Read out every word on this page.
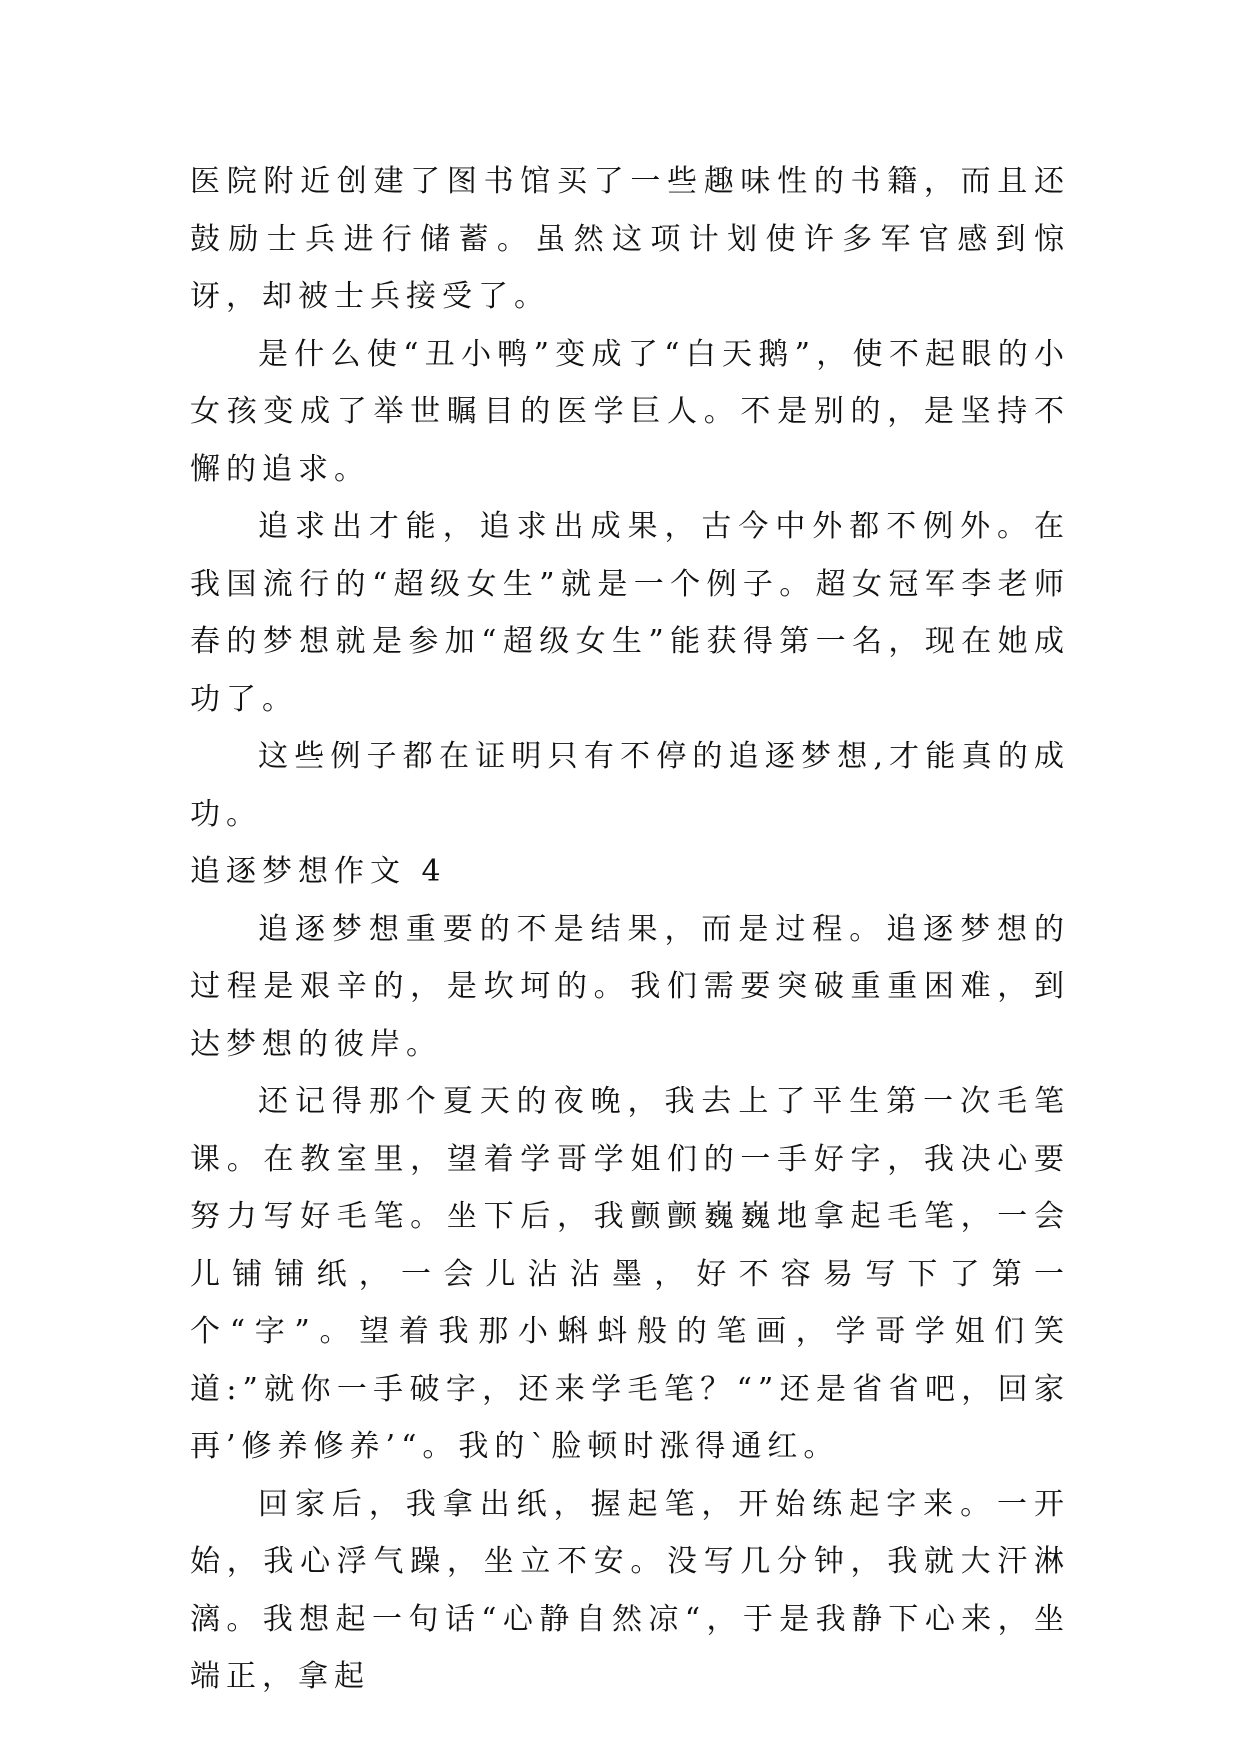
医院附近创建了图书馆买了一些趣味性的书籍，而且还鼓励士兵进行储蓄。虽然这项计划使许多军官感到惊讶，却被士兵接受了。

是什么使“丑小鸭”变成了“白天鹅”，使不起眼的小女孩变成了举世瞩目的医学巨人。不是别的，是坚持不懈的追求。

追求出才能，追求出成果，古今中外都不例外。在我国流行的“超级女生”就是一个例子。超女冠军李老师春的梦想就是参加“超级女生”能获得第一名，现在她成功了。

这些例子都在证明只有不停的追逐梦想,才能真的成功。

追逐梦想作文 4

追逐梦想重要的不是结果，而是过程。追逐梦想的过程是艰辛的，是坎坷的。我们需要突破重重困难，到达梦想的彼岸。

还记得那个夏天的夜晚，我去上了平生第一次毛笔课。在教室里，望着学哥学姐们的一手好字，我决心要努力写好毛笔。坐下后，我颤颤巍巍地拿起毛笔，一会儿铺铺纸，一会儿沾沾墨，好不容易写下了第一个“字”。望着我那小蝌蚪般的笔画，学哥学姐们笑道:”就你一手破字，还来学毛笔？“”还是省省吧，回家再’修养修养’“。我的`脸顿时涨得通红。

回家后，我拿出纸，握起笔，开始练起字来。一开始，我心浮气躁，坐立不安。没写几分钟，我就大汗淋漓。我想起一句话“心静自然凉“，于是我静下心来，坐端正，拿起
